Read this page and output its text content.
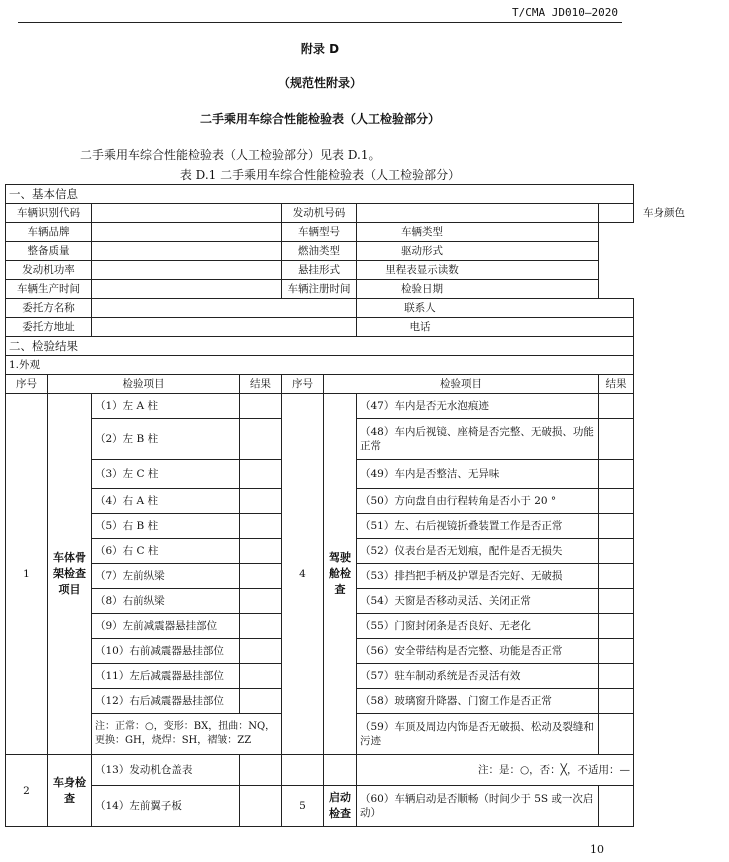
T/CMA JD010—2020
附录 D
（规范性附录）
二手乘用车综合性能检验表（人工检验部分）
二手乘用车综合性能检验表（人工检验部分）见表 D.1。
表 D.1 二手乘用车综合性能检验表（人工检验部分）
一、基本信息							
车辆识别代码				发动机号码			车身颜色
车辆品牌				车辆型号		车辆类型	
整备质量				燃油类型		驱动形式	
发动机功率				悬挂形式		里程表显示读数	
车辆生产时间				车辆注册时间		检验日期	
委托方名称						联系人	
委托方地址						电话	
二、检验结果							
1.外观							
序号	检验项目		结果	序号	检验项目		结果
1	车体骨架检查项目	（1）左 A 柱		4	驾驶舱检查	（47）车内是否无水泡痕迹	
		（2）左 B 柱				（48）车内后视镜、座椅是否完整、无破损、功能正常	
		（3）左 C 柱				（49）车内是否整洁、无异味	
		（4）右 A 柱				（50）方向盘自由行程转角是否小于 20 °	
		（5）右 B 柱				（51）左、右后视镜折叠装置工作是否正常	
		（6）右 C 柱				（52）仪表台是否无划痕，配件是否无损失	
		（7）左前纵梁				（53）排挡把手柄及护罩是否完好、无破损	
		（8）右前纵梁				（54）天窗是否移动灵活、关闭正常	
		（9）左前减震器悬挂部位				（55）门窗封闭条是否良好、无老化	
		（10）右前减震器悬挂部位				（56）安全带结构是否完整、功能是否正常	
		（11）左后减震器悬挂部位				（57）驻车制动系统是否灵活有效	
		（12）右后减震器悬挂部位				（58）玻璃窗升降器、门窗工作是否正常	
		注：正常：○，变形：BX，扭曲：NQ，更换：GH，烧焊：SH，褶皱：ZZ				（59）车顶及周边内饰是否无破损、松动及裂缝和污迹	
2	车身检查	（13）发动机仓盖表				注：是：○，否：╳，不适用：—	
		（14）左前翼子板		5	启动检查	（60）车辆启动是否顺畅（时间少于 5S 或一次启动）	
10
